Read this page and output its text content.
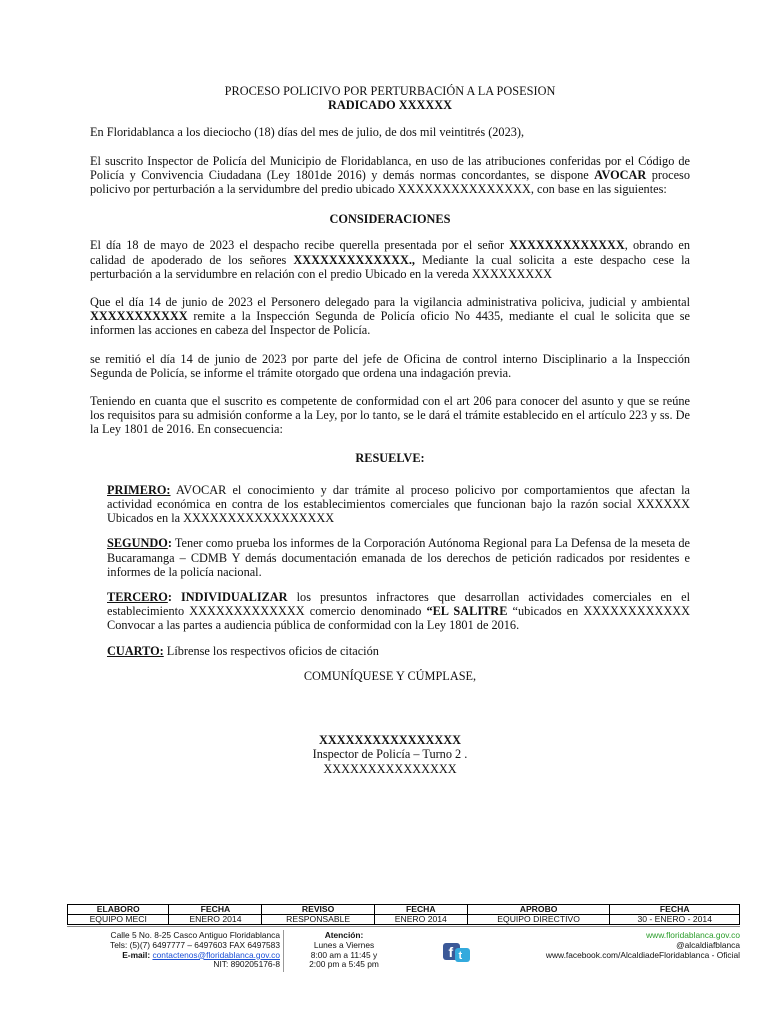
PROCESO POLICIVO POR PERTURBACIÓN A LA POSESION
RADICADO XXXXXX

En Floridablanca a los dieciocho (18) días del mes de julio, de dos mil veintitrés (2023),

El suscrito Inspector de Policía del Municipio de Floridablanca, en uso de las atribuciones conferidas por el Código de Policía y Convivencia Ciudadana (Ley 1801de 2016) y demás normas concordantes, se dispone AVOCAR proceso policivo por perturbación a la servidumbre del predio ubicado XXXXXXXXXXXXXXX, con base en las siguientes:

CONSIDERACIONES

El día 18 de mayo de 2023 el despacho recibe querella presentada por el señor XXXXXXXXXXXXX, obrando en calidad de apoderado de los señores XXXXXXXXXXXXX., Mediante la cual solicita a este despacho cese la perturbación a la servidumbre en relación con el predio Ubicado en la vereda XXXXXXXXX

Que el día 14 de junio de 2023 el Personero delegado para la vigilancia administrativa policiva, judicial y ambiental XXXXXXXXXXX remite a la Inspección Segunda de Policía oficio No 4435, mediante el cual le solicita que se informen las acciones en cabeza del Inspector de Policía.

se remitió el día 14 de junio de 2023 por parte del jefe de Oficina de control interno Disciplinario a la Inspección Segunda de Policía, se informe el trámite otorgado que ordena una indagación previa.

Teniendo en cuanta que el suscrito es competente de conformidad con el art 206 para conocer del asunto y que se reúne los requisitos para su admisión conforme a la Ley, por lo tanto, se le dará el trámite establecido en el artículo 223 y ss. De la Ley 1801 de 2016. En consecuencia:

RESUELVE:

PRIMERO: AVOCAR el conocimiento y dar trámite al proceso policivo por comportamientos que afectan la actividad económica en contra de los establecimientos comerciales que funcionan bajo la razón social XXXXXX Ubicados en la XXXXXXXXXXXXXXXXX

SEGUNDO: Tener como prueba los informes de la Corporación Autónoma Regional para La Defensa de la meseta de Bucaramanga – CDMB Y demás documentación emanada de los derechos de petición radicados por residentes e informes de la policía nacional.

TERCERO: INDIVIDUALIZAR los presuntos infractores que desarrollan actividades comerciales en el establecimiento XXXXXXXXXXXXX comercio denominado “EL SALITRE “ubicados en XXXXXXXXXXXX Convocar a las partes a audiencia pública de conformidad con la Ley 1801 de 2016.

CUARTO: Líbrense los respectivos oficios de citación

COMUNÍQUESE Y CÚMPLASE,
XXXXXXXXXXXXXXXX
Inspector de Policía – Turno 2 .
XXXXXXXXXXXXXXX
ELABORO	FECHA	REVISO	FECHA	APROBO	FECHA
EQUIPO MECI	ENERO 2014	RESPONSABLE	ENERO 2014	EQUIPO DIRECTIVO	30 - ENERO - 2014
Calle 5 No. 8-25 Casco Antiguo Floridablanca
Tels: (5)(7) 6497777 – 6497603 FAX 6497583
E-mail: contactenos@floridablanca.gov.co
NIT: 890205176-8
Atención:
Lunes a Viernes
8:00 am a 11:45 y
2:00 pm a 5:45 pm
f t
www.floridablanca.gov.co
@alcaldiafblanca
www.facebook.com/AlcaldiadeFloridablanca - Oficial
